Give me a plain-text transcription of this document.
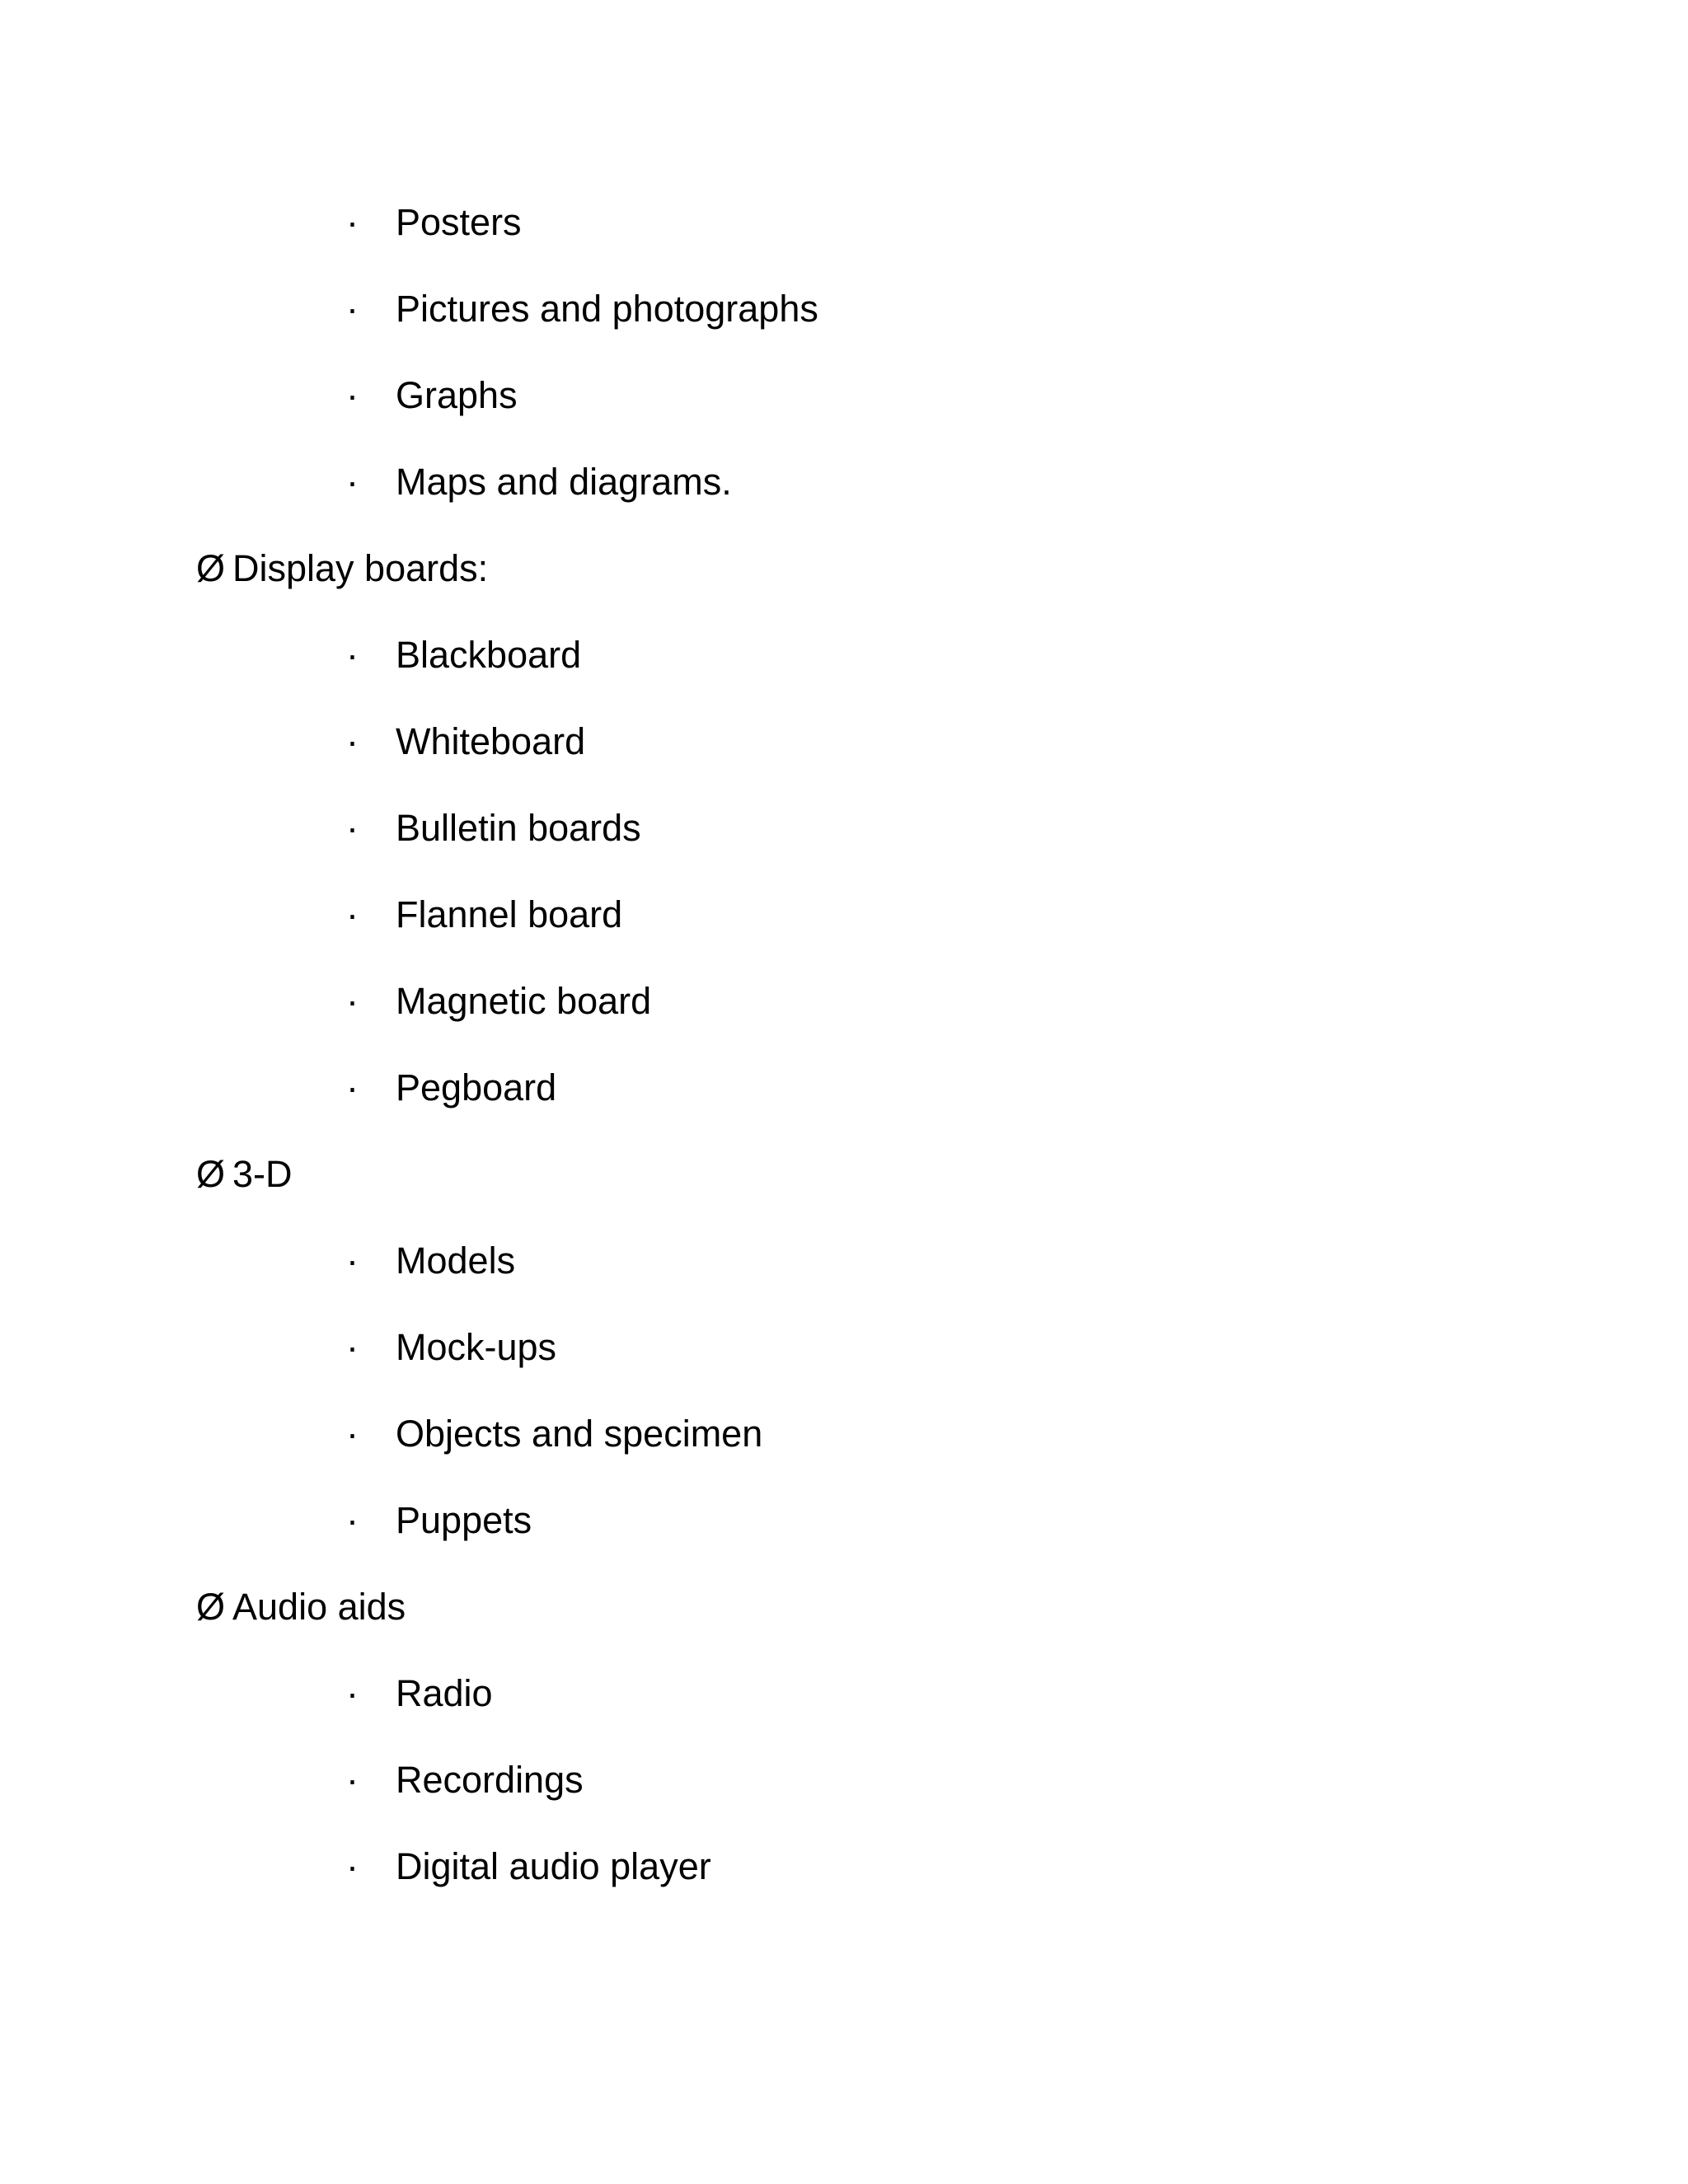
·	Posters
·	Pictures and photographs
·	Graphs
·	Maps and diagrams.
Ø Display boards:
·	Blackboard
·	Whiteboard
·	Bulletin boards
·	Flannel board
·	Magnetic board
·	Pegboard
Ø 3-D
·	Models
·	Mock-ups
·	Objects and specimen
·	Puppets
Ø Audio aids
·	Radio
·	Recordings
·	Digital audio player
